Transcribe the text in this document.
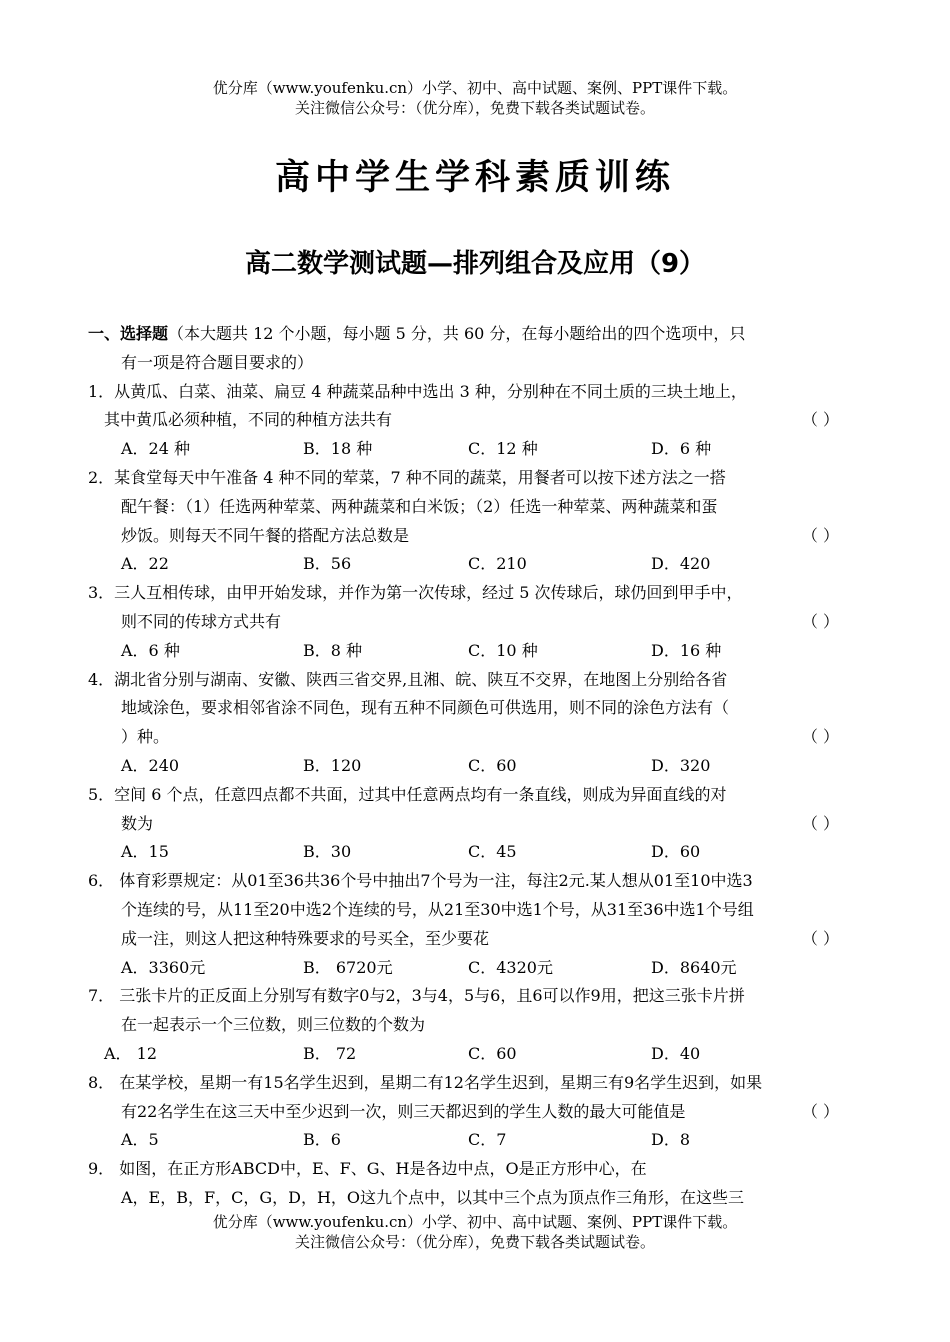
优分库（www.youfenku.cn）小学、初中、高中试题、案例、PPT课件下载。
关注微信公众号：（优分库），免费下载各类试题试卷。
高中学生学科素质训练
高二数学测试题—排列组合及应用（9）
一、选择题（本大题共 12 个小题，每小题 5 分，共 60 分，在每小题给出的四个选项中，只
有一项是符合题目要求的）
1．从黄瓜、白菜、油菜、扁豆 4 种蔬菜品种中选出 3 种，分别种在不同土质的三块土地上，
其中黄瓜必须种植，不同的种植方法共有	（ ）
A．24 种	B．18 种	C．12 种	D．6 种
2．某食堂每天中午准备 4 种不同的荤菜，7 种不同的蔬菜，用餐者可以按下述方法之一搭
配午餐：（1）任选两种荤菜、两种蔬菜和白米饭；（2）任选一种荤菜、两种蔬菜和蛋
炒饭。则每天不同午餐的搭配方法总数是	（ ）
A．22	B．56	C．210	D．420
3．三人互相传球，由甲开始发球，并作为第一次传球，经过 5 次传球后，球仍回到甲手中，
则不同的传球方式共有	（ ）
A．6 种	B．8 种	C．10 种	D．16 种
4．湖北省分别与湖南、安徽、陕西三省交界,且湘、皖、陕互不交界，在地图上分别给各省
地域涂色，要求相邻省涂不同色，现有五种不同颜色可供选用，则不同的涂色方法有（
）种。	（ ）
A．240	B．120	C．60	D．320
5．空间 6 个点，任意四点都不共面，过其中任意两点均有一条直线，则成为异面直线的对
数为	（ ）
A．15	B．30	C．45	D．60
6． 体育彩票规定：从01至36共36个号中抽出7个号为一注，每注2元.某人想从01至10中选3
个连续的号，从11至20中选2个连续的号，从21至30中选1个号，从31至36中选1个号组
成一注，则这人把这种特殊要求的号买全，至少要花	（ ）
A．3360元	B． 6720元	C．4320元	D．8640元
7． 三张卡片的正反面上分别写有数字0与2，3与4，5与6，且6可以作9用，把这三张卡片拼
在一起表示一个三位数，则三位数的个数为
A． 12	B． 72	C．60	D．40
8． 在某学校，星期一有15名学生迟到，星期二有12名学生迟到，星期三有9名学生迟到，如果
有22名学生在这三天中至少迟到一次，则三天都迟到的学生人数的最大可能值是	（ ）
A．5	B．6	C．7	D．8
9． 如图，在正方形ABCD中，E、F、G、H是各边中点，O是正方形中心，在
A，E，B，F，C，G，D，H，O这九个点中，以其中三个点为顶点作三角形，在这些三
优分库（www.youfenku.cn）小学、初中、高中试题、案例、PPT课件下载。
关注微信公众号：（优分库），免费下载各类试题试卷。
